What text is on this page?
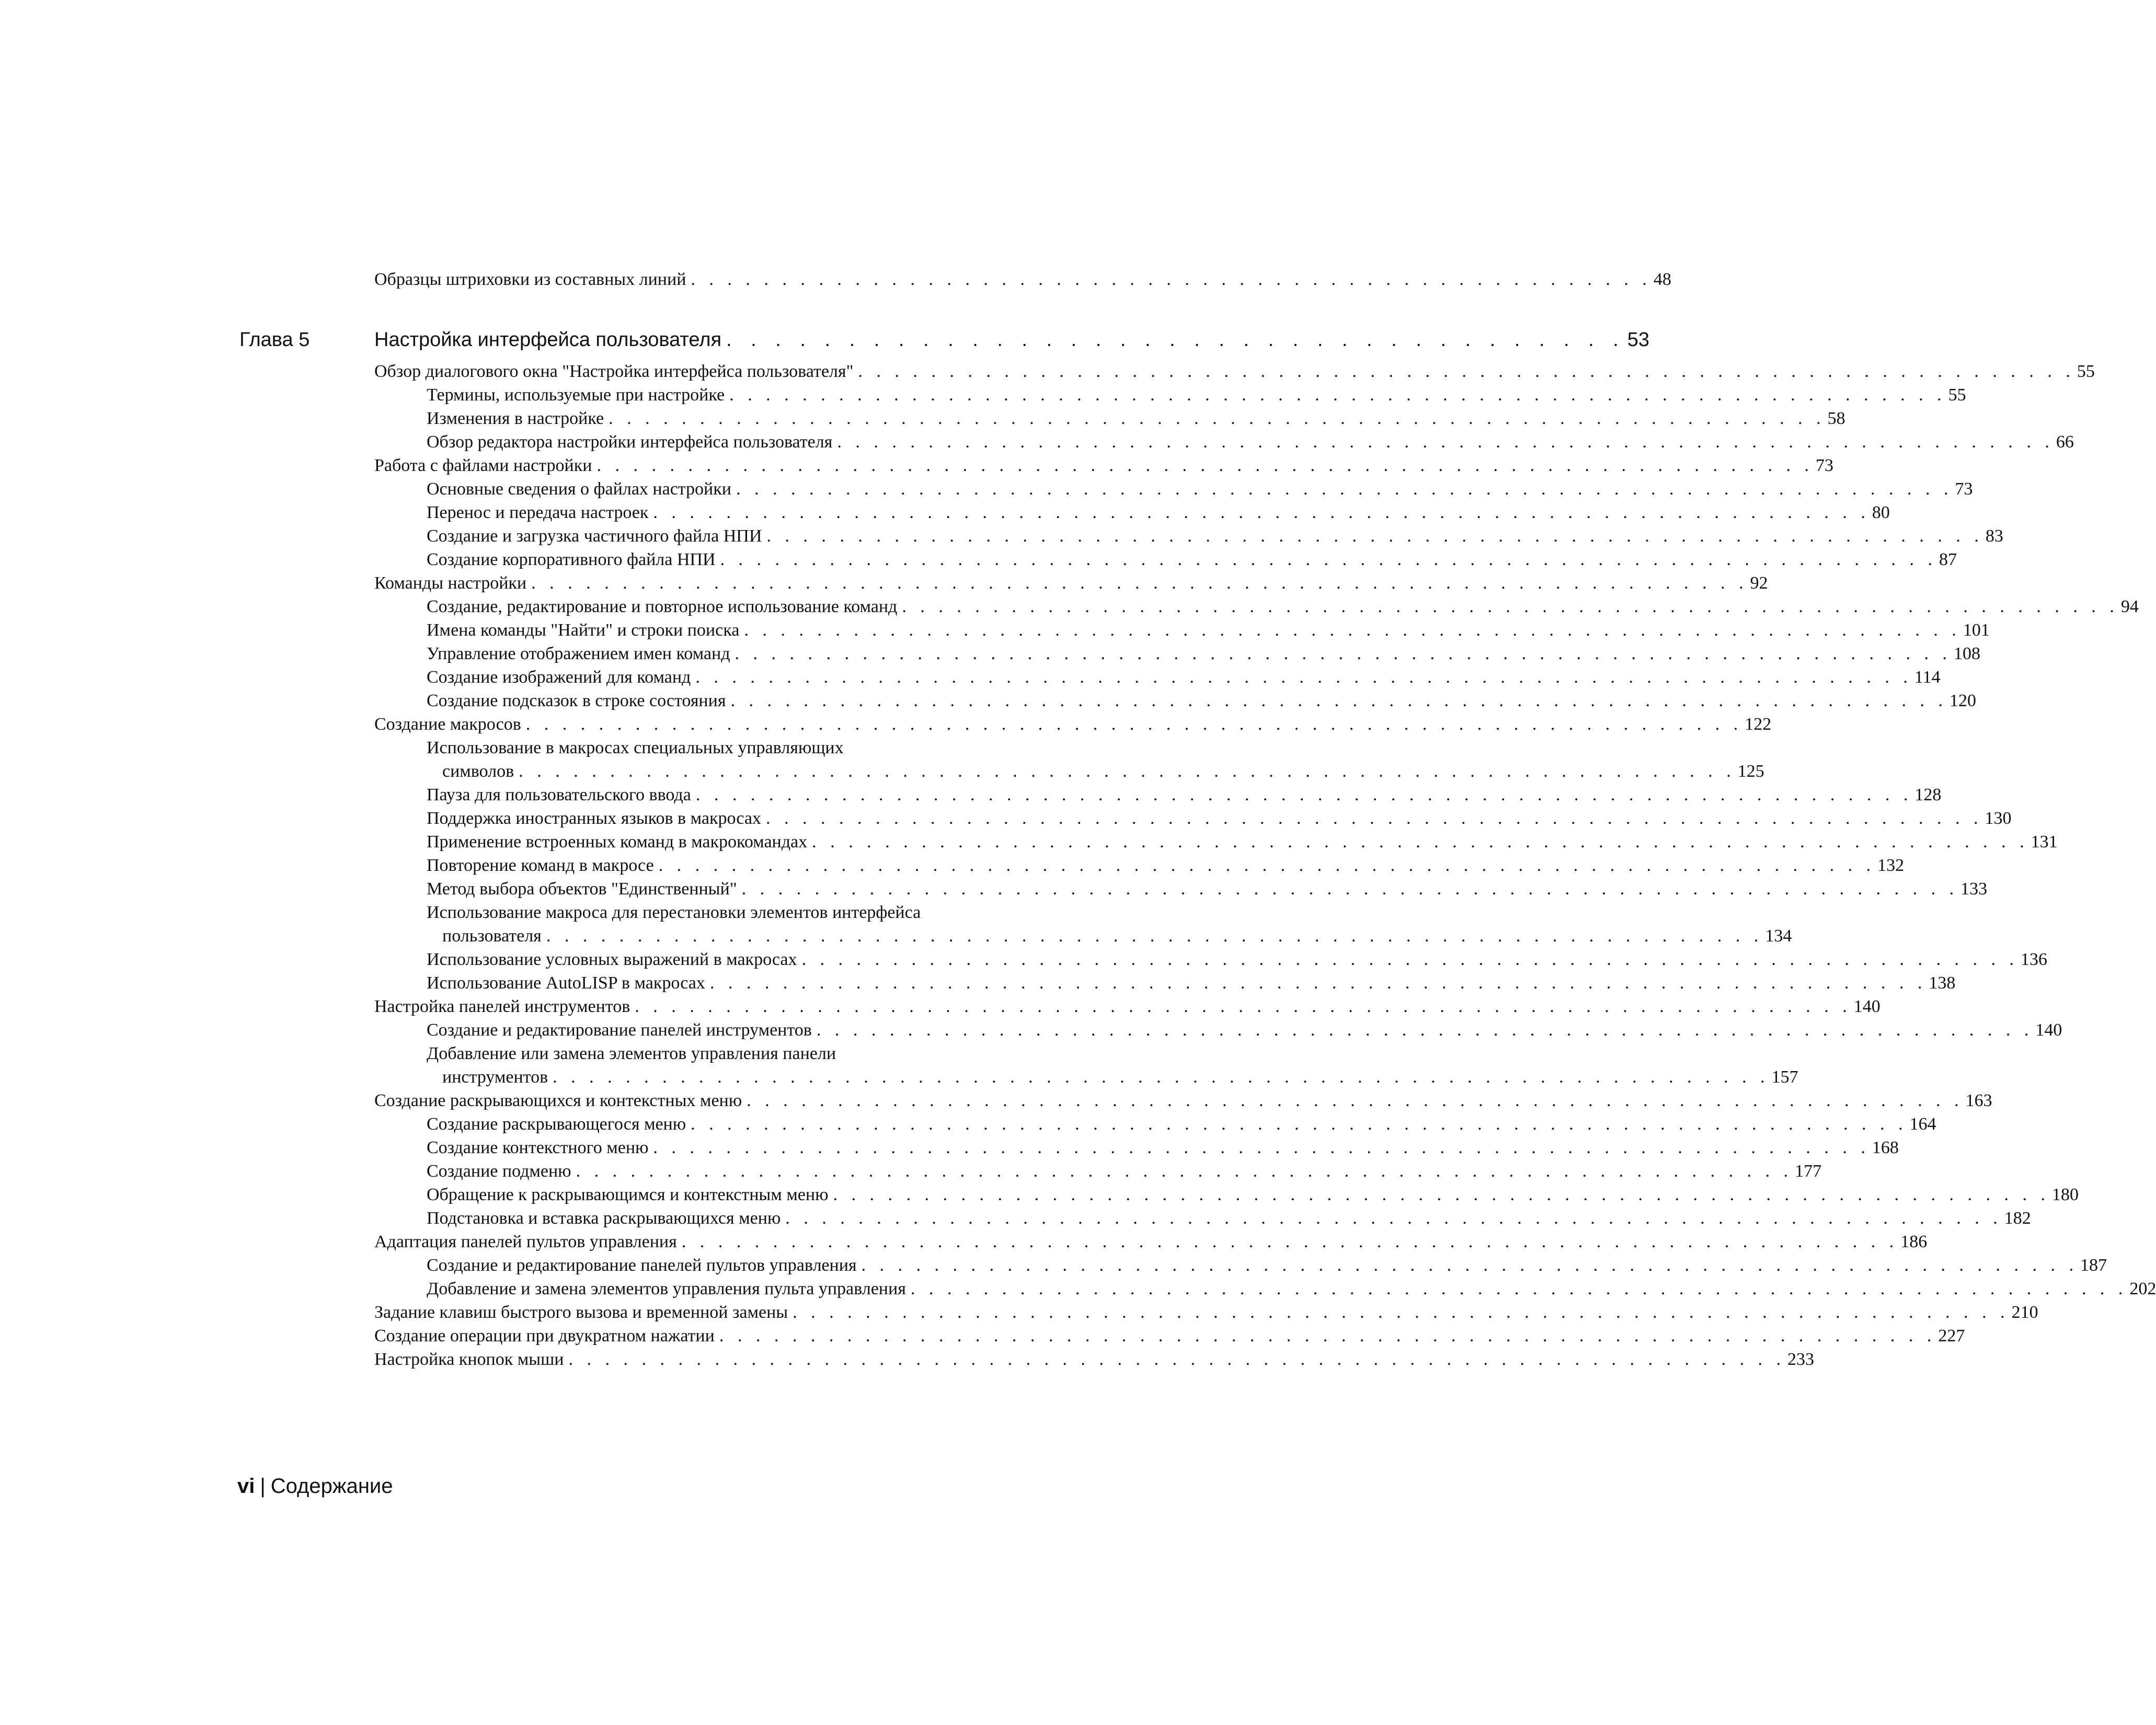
Образцы штриховки из составных линий . . . . . . . . . . . . . . . . . . . . . . . . . . . . . . . . . . . . . . . . . . . . . . . . . . . . . 48
Глава 5	Настройка интерфейса пользователя . . . . . . . . . . . . . . . . . . . . . . . . . . . . . . . . . . . . . 53
Обзор диалогового окна "Настройка интерфейса пользователя" . . . . . . . . . . . . . . . . . . . . . . . . . . . . . . . . . . . . . . . . . . . . . . . . . . . . . . . . . . . . . . . . . . . 55
Термины, используемые при настройке . . . . . . . . . . . . . . . . . . . . . . . . . . . . . . . . . . . . . . . . . . . . . . . . . . . . . . . . . . . . . . . . . . . 55
Изменения в настройке . . . . . . . . . . . . . . . . . . . . . . . . . . . . . . . . . . . . . . . . . . . . . . . . . . . . . . . . . . . . . . . . . . . 58
Обзор редактора настройки интерфейса пользователя . . . . . . . . . . . . . . . . . . . . . . . . . . . . . . . . . . . . . . . . . . . . . . . . . . . . . . . . . . . . . . . . . . . 66
Работа с файлами настройки . . . . . . . . . . . . . . . . . . . . . . . . . . . . . . . . . . . . . . . . . . . . . . . . . . . . . . . . . . . . . . . . . . . 73
Основные сведения о файлах настройки . . . . . . . . . . . . . . . . . . . . . . . . . . . . . . . . . . . . . . . . . . . . . . . . . . . . . . . . . . . . . . . . . . . 73
Перенос и передача настроек . . . . . . . . . . . . . . . . . . . . . . . . . . . . . . . . . . . . . . . . . . . . . . . . . . . . . . . . . . . . . . . . . . . 80
Создание и загрузка частичного файла НПИ . . . . . . . . . . . . . . . . . . . . . . . . . . . . . . . . . . . . . . . . . . . . . . . . . . . . . . . . . . . . . . . . . . . 83
Создание корпоративного файла НПИ . . . . . . . . . . . . . . . . . . . . . . . . . . . . . . . . . . . . . . . . . . . . . . . . . . . . . . . . . . . . . . . . . . . 87
Команды настройки . . . . . . . . . . . . . . . . . . . . . . . . . . . . . . . . . . . . . . . . . . . . . . . . . . . . . . . . . . . . . . . . . . . 92
Создание, редактирование и повторное использование команд . . . . . . . . . . . . . . . . . . . . . . . . . . . . . . . . . . . . . . . . . . . . . . . . . . . . . . . . . . . . . . . . . . . 94
Имена команды "Найти" и строки поиска . . . . . . . . . . . . . . . . . . . . . . . . . . . . . . . . . . . . . . . . . . . . . . . . . . . . . . . . . . . . . . . . . . . 101
Управление отображением имен команд . . . . . . . . . . . . . . . . . . . . . . . . . . . . . . . . . . . . . . . . . . . . . . . . . . . . . . . . . . . . . . . . . . . 108
Создание изображений для команд . . . . . . . . . . . . . . . . . . . . . . . . . . . . . . . . . . . . . . . . . . . . . . . . . . . . . . . . . . . . . . . . . . . 114
Создание подсказок в строке состояния . . . . . . . . . . . . . . . . . . . . . . . . . . . . . . . . . . . . . . . . . . . . . . . . . . . . . . . . . . . . . . . . . . . 120
Создание макросов . . . . . . . . . . . . . . . . . . . . . . . . . . . . . . . . . . . . . . . . . . . . . . . . . . . . . . . . . . . . . . . . . . . 122
Использование в макросах специальных управляющих
символов . . . . . . . . . . . . . . . . . . . . . . . . . . . . . . . . . . . . . . . . . . . . . . . . . . . . . . . . . . . . . . . . . . . 125
Пауза для пользовательского ввода . . . . . . . . . . . . . . . . . . . . . . . . . . . . . . . . . . . . . . . . . . . . . . . . . . . . . . . . . . . . . . . . . . . 128
Поддержка иностранных языков в макросах . . . . . . . . . . . . . . . . . . . . . . . . . . . . . . . . . . . . . . . . . . . . . . . . . . . . . . . . . . . . . . . . . . . 130
Применение встроенных команд в макрокомандах . . . . . . . . . . . . . . . . . . . . . . . . . . . . . . . . . . . . . . . . . . . . . . . . . . . . . . . . . . . . . . . . . . . 131
Повторение команд в макросе . . . . . . . . . . . . . . . . . . . . . . . . . . . . . . . . . . . . . . . . . . . . . . . . . . . . . . . . . . . . . . . . . . . 132
Метод выбора объектов "Единственный" . . . . . . . . . . . . . . . . . . . . . . . . . . . . . . . . . . . . . . . . . . . . . . . . . . . . . . . . . . . . . . . . . . . 133
Использование макроса для перестановки элементов интерфейса
пользователя . . . . . . . . . . . . . . . . . . . . . . . . . . . . . . . . . . . . . . . . . . . . . . . . . . . . . . . . . . . . . . . . . . . 134
Использование условных выражений в макросах . . . . . . . . . . . . . . . . . . . . . . . . . . . . . . . . . . . . . . . . . . . . . . . . . . . . . . . . . . . . . . . . . . . 136
Использование AutoLISP в макросах . . . . . . . . . . . . . . . . . . . . . . . . . . . . . . . . . . . . . . . . . . . . . . . . . . . . . . . . . . . . . . . . . . . 138
Настройка панелей инструментов . . . . . . . . . . . . . . . . . . . . . . . . . . . . . . . . . . . . . . . . . . . . . . . . . . . . . . . . . . . . . . . . . . . 140
Создание и редактирование панелей инструментов . . . . . . . . . . . . . . . . . . . . . . . . . . . . . . . . . . . . . . . . . . . . . . . . . . . . . . . . . . . . . . . . . . . 140
Добавление или замена элементов управления панели
инструментов . . . . . . . . . . . . . . . . . . . . . . . . . . . . . . . . . . . . . . . . . . . . . . . . . . . . . . . . . . . . . . . . . . . 157
Создание раскрывающихся и контекстных меню . . . . . . . . . . . . . . . . . . . . . . . . . . . . . . . . . . . . . . . . . . . . . . . . . . . . . . . . . . . . . . . . . . . 163
Создание раскрывающегося меню . . . . . . . . . . . . . . . . . . . . . . . . . . . . . . . . . . . . . . . . . . . . . . . . . . . . . . . . . . . . . . . . . . . 164
Создание контекстного меню . . . . . . . . . . . . . . . . . . . . . . . . . . . . . . . . . . . . . . . . . . . . . . . . . . . . . . . . . . . . . . . . . . . 168
Создание подменю . . . . . . . . . . . . . . . . . . . . . . . . . . . . . . . . . . . . . . . . . . . . . . . . . . . . . . . . . . . . . . . . . . . 177
Обращение к раскрывающимся и контекстным меню . . . . . . . . . . . . . . . . . . . . . . . . . . . . . . . . . . . . . . . . . . . . . . . . . . . . . . . . . . . . . . . . . . . 180
Подстановка и вставка раскрывающихся меню . . . . . . . . . . . . . . . . . . . . . . . . . . . . . . . . . . . . . . . . . . . . . . . . . . . . . . . . . . . . . . . . . . . 182
Адаптация панелей пультов управления . . . . . . . . . . . . . . . . . . . . . . . . . . . . . . . . . . . . . . . . . . . . . . . . . . . . . . . . . . . . . . . . . . . 186
Создание и редактирование панелей пультов управления . . . . . . . . . . . . . . . . . . . . . . . . . . . . . . . . . . . . . . . . . . . . . . . . . . . . . . . . . . . . . . . . . . . 187
Добавление и замена элементов управления пульта управления . . . . . . . . . . . . . . . . . . . . . . . . . . . . . . . . . . . . . . . . . . . . . . . . . . . . . . . . . . . . . . . . . . . 202
Задание клавиш быстрого вызова и временной замены . . . . . . . . . . . . . . . . . . . . . . . . . . . . . . . . . . . . . . . . . . . . . . . . . . . . . . . . . . . . . . . . . . . 210
Создание операции при двукратном нажатии . . . . . . . . . . . . . . . . . . . . . . . . . . . . . . . . . . . . . . . . . . . . . . . . . . . . . . . . . . . . . . . . . . . 227
Настройка кнопок мыши . . . . . . . . . . . . . . . . . . . . . . . . . . . . . . . . . . . . . . . . . . . . . . . . . . . . . . . . . . . . . . . . . . . 233
vi | Содержание
